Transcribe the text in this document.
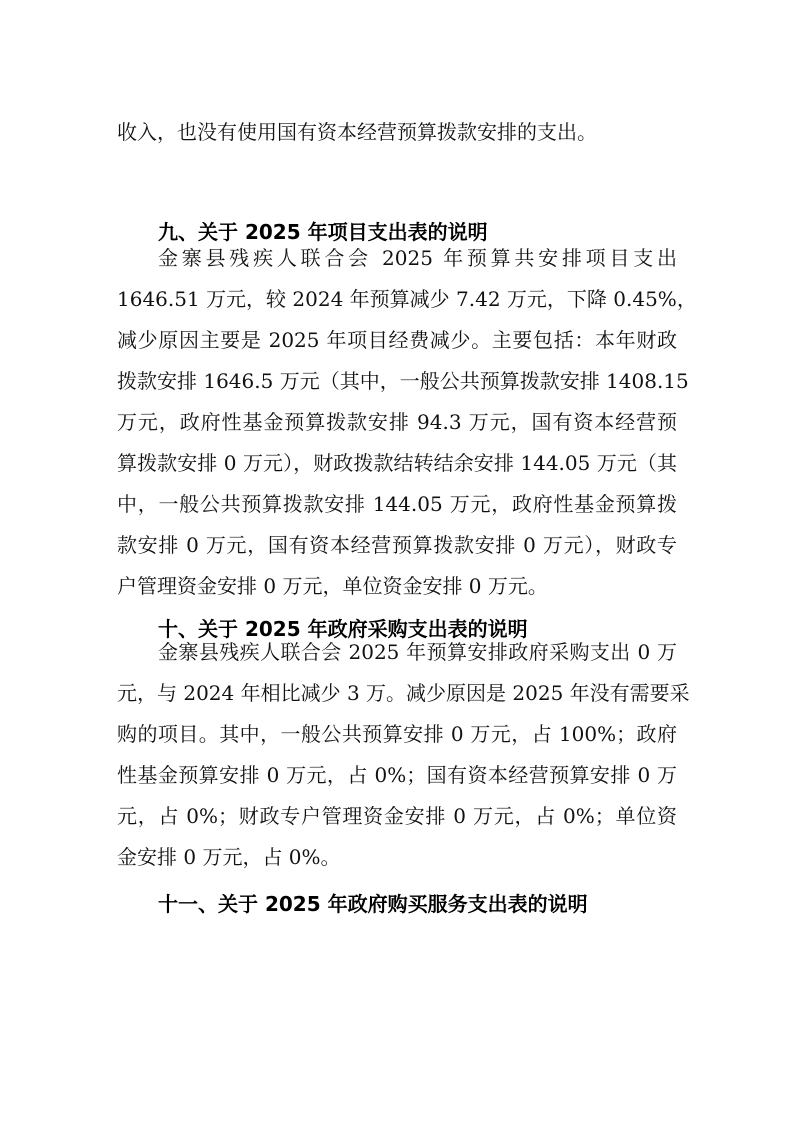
收入，也没有使用国有资本经营预算拨款安排的支出。
九、关于 2025 年项目支出表的说明
金寨县残疾人联合会 2025 年预算共安排项目支出
1646.51 万元，较 2024 年预算减少 7.42 万元，下降 0.45%，
减少原因主要是 2025 年项目经费减少。主要包括：本年财政
拨款安排 1646.5 万元（其中，一般公共预算拨款安排 1408.15
万元，政府性基金预算拨款安排 94.3 万元，国有资本经营预
算拨款安排 0 万元），财政拨款结转结余安排 144.05 万元（其
中，一般公共预算拨款安排 144.05 万元，政府性基金预算拨
款安排 0 万元，国有资本经营预算拨款安排 0 万元），财政专
户管理资金安排 0 万元，单位资金安排 0 万元。
十、关于 2025 年政府采购支出表的说明
金寨县残疾人联合会 2025 年预算安排政府采购支出 0 万
元，与 2024 年相比减少 3 万。减少原因是 2025 年没有需要采
购的项目。其中，一般公共预算安排 0 万元，占 100%；政府
性基金预算安排 0 万元，占 0%；国有资本经营预算安排 0 万
元，占 0%；财政专户管理资金安排 0 万元，占 0%；单位资
金安排 0 万元，占 0%。
十一、关于 2025 年政府购买服务支出表的说明
